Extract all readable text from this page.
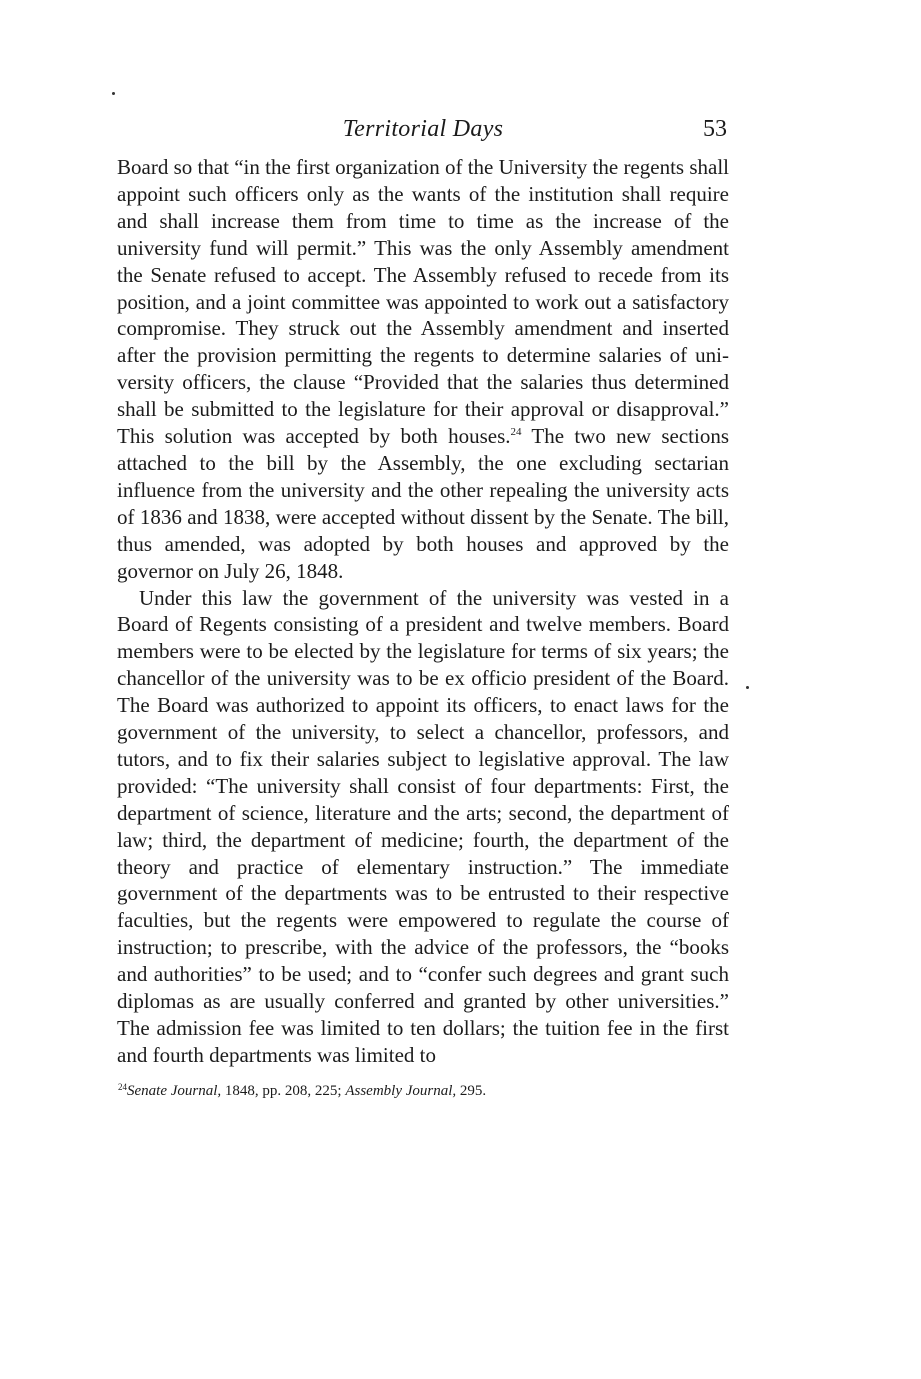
Territorial Days	53

Board so that “in the first organization of the University the regents shall appoint such officers only as the wants of the institution shall require and shall increase them from time to time as the increase of the university fund will permit.” This was the only Assembly amendment the Senate refused to accept. The Assembly refused to recede from its position, and a joint committee was appointed to work out a satisfactory compromise. They struck out the Assembly amendment and inserted after the provision permitting the regents to determine salaries of university officers, the clause “Provided that the salaries thus determined shall be submitted to the legislature for their approval or disapproval.” This solution was accepted by both houses.$^{24}$ The two new sections attached to the bill by the Assembly, the one excluding sectarian influence from the university and the other repealing the university acts of 1836 and 1838, were accepted without dissent by the Senate. The bill, thus amended, was adopted by both houses and approved by the governor on July 26, 1848.

Under this law the government of the university was vested in a Board of Regents consisting of a president and twelve members. Board members were to be elected by the legislature for terms of six years; the chancellor of the university was to be ex officio president of the Board. The Board was authorized to appoint its officers, to enact laws for the government of the university, to select a chancellor, professors, and tutors, and to fix their salaries subject to legislative approval. The law provided: “The university shall consist of four departments: First, the department of science, literature and the arts; second, the department of law; third, the department of medicine; fourth, the department of the theory and practice of elementary instruction.” The immediate government of the departments was to be entrusted to their respective faculties, but the regents were empowered to regulate the course of instruction; to prescribe, with the advice of the professors, the “books and authorities” to be used; and to “confer such degrees and grant such diplomas as are usually conferred and granted by other universities.” The admission fee was limited to ten dollars; the tuition fee in the first and fourth departments was limited to

$^{24}$Senate Journal, 1848, pp. 208, 225; Assembly Journal, 295.
